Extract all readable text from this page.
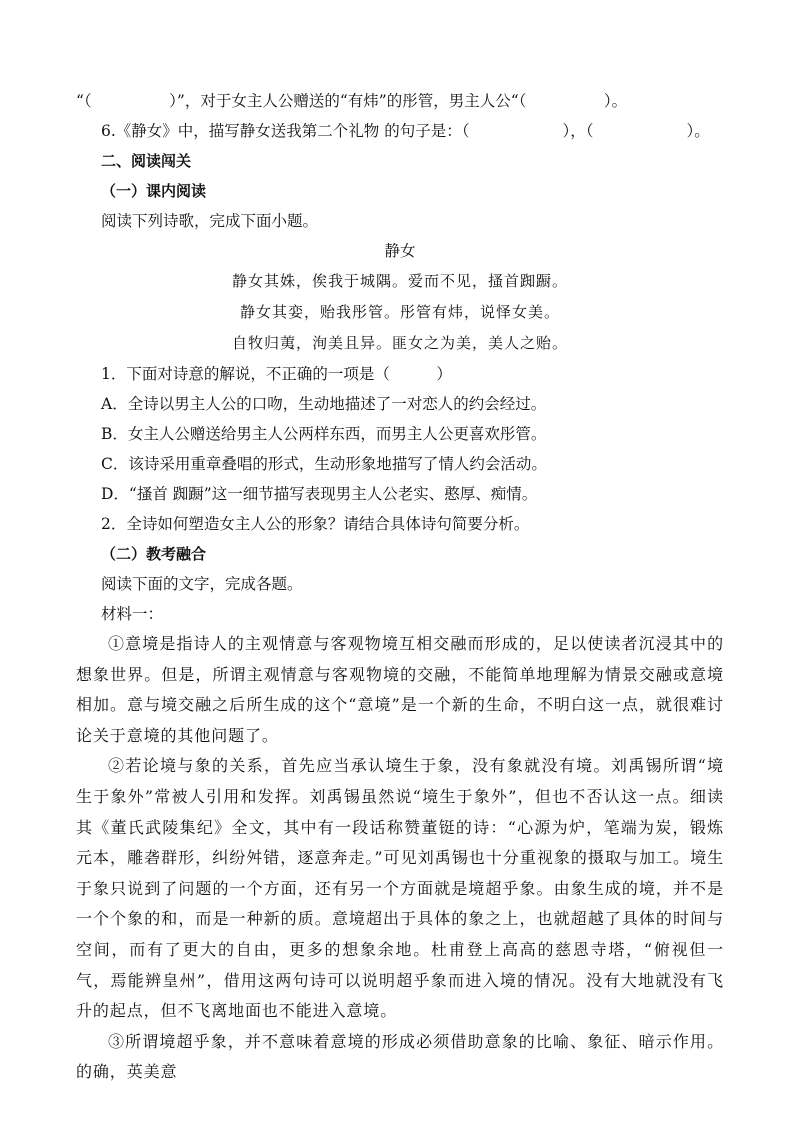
“（　　　　　）”，对于女主人公赠送的“有炜”的彤管，男主人公“（　　　　　）。
6.《静女》中，描写静女送我第二个礼物 的句子是：（　　　　　　），（　　　　　　）。
二、阅读闯关
（一）课内阅读
阅读下列诗歌，完成下面小题。
静女
静女其姝，俟我于城隅。爱而不见，搔首踟蹰。
静女其娈，贻我彤管。彤管有炜，说怿女美。
自牧归荑，洵美且异。匪女之为美，美人之贻。
1．下面对诗意的解说，不正确的一项是（　　　）
A．全诗以男主人公的口吻，生动地描述了一对恋人的约会经过。
B．女主人公赠送给男主人公两样东西，而男主人公更喜欢彤管。
C．该诗采用重章叠唱的形式，生动形象地描写了情人约会活动。
D．“搔首 踟蹰”这一细节描写表现男主人公老实、憨厚、痴情。
2．全诗如何塑造女主人公的形象？请结合具体诗句简要分析。
（二）教考融合
阅读下面的文字，完成各题。
材料一：

①意境是指诗人的主观情意与客观物境互相交融而形成的，足以使读者沉浸其中的想象世界。但是，所谓主观情意与客观物境的交融，不能简单地理解为情景交融或意境相加。意与境交融之后所生成的这个“意境”是一个新的生命，不明白这一点，就很难讨论关于意境的其他问题了。

②若论境与象的关系，首先应当承认境生于象，没有象就没有境。刘禹锡所谓“境生于象外”常被人引用和发挥。刘禹锡虽然说“境生于象外”，但也不否认这一点。细读其《董氏武陵集纪》全文，其中有一段话称赞董铤的诗：“心源为炉，笔端为炭，锻炼元本，雕砻群形，纠纷舛错，逐意奔走。”可见刘禹锡也十分重视象的摄取与加工。境生于象只说到了问题的一个方面，还有另一个方面就是境超乎象。由象生成的境，并不是一个个象的和，而是一种新的质。意境超出于具体的象之上，也就超越了具体的时间与空间，而有了更大的自由，更多的想象余地。杜甫登上高高的慈恩寺塔，“俯视但一气，焉能辨皇州”，借用这两句诗可以说明超乎象而进入境的情况。没有大地就没有飞升的起点，但不飞离地面也不能进入意境。

③所谓境超乎象，并不意味着意境的形成必须借助意象的比喻、象征、暗示作用。的确，英美意
